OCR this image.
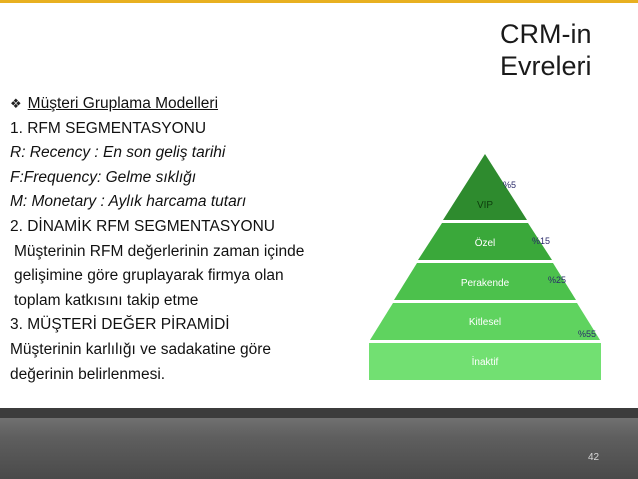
CRM-in
Evreleri
❖ Müşteri Gruplama Modelleri
1. RFM SEGMENTASYONU
R: Recency : En son geliş tarihi
F:Frequency: Gelme sıklığı
M: Monetary : Aylık harcama tutarı
2. DİNAMİK RFM SEGMENTASYONU
Müşterinin RFM değerlerinin zaman içinde
gelişimine göre gruplayarak firmya olan
toplam katkısını takip etme
3. MÜŞTERİ DEĞER PİRAMİDİ
Müşterinin karlılığı ve sadakatine göre
değerinin belirlenmesi.
VIP
Özel
Perakende
Kitlesel
İnaktif
%5
%15
%25
%55
42
